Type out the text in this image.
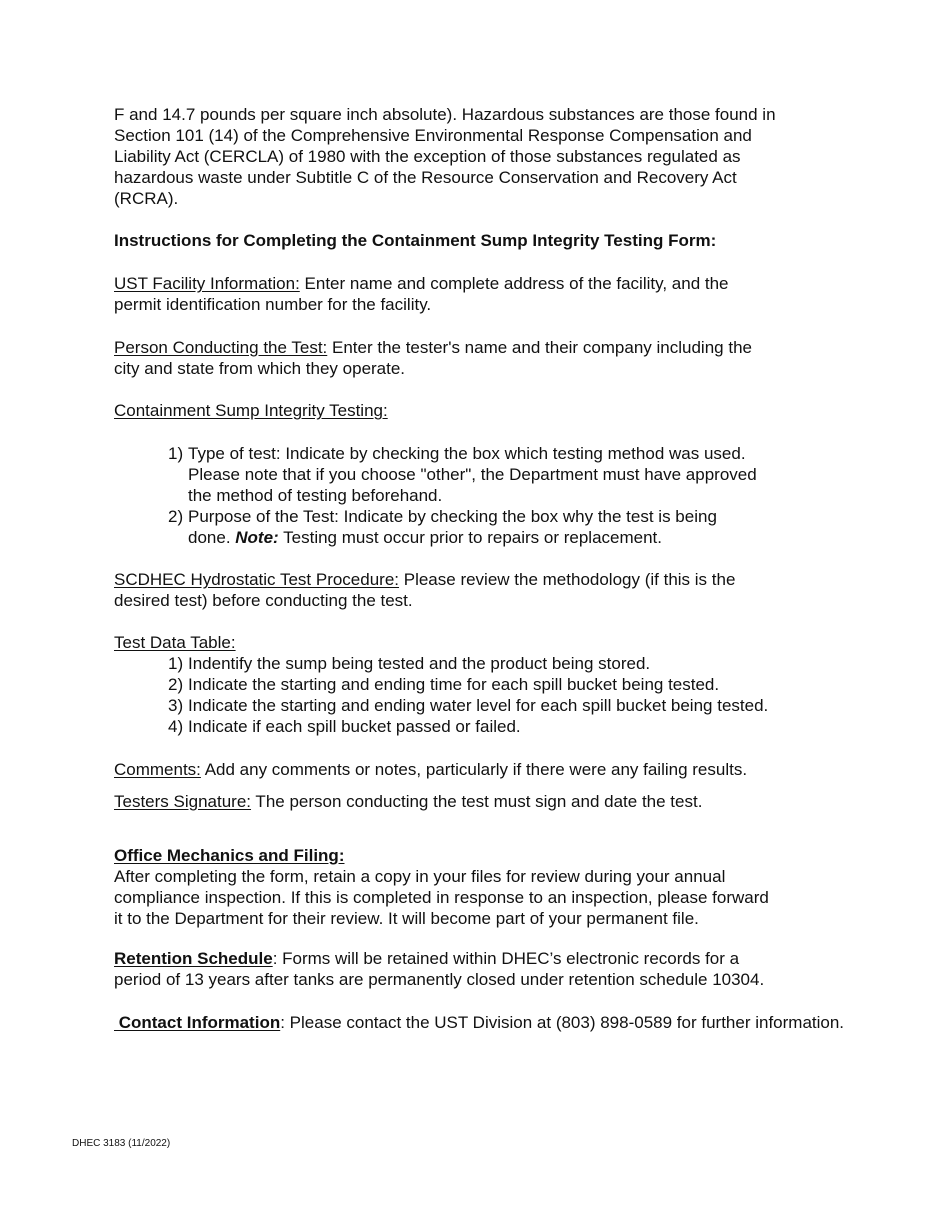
F and 14.7 pounds per square inch absolute). Hazardous substances are those found in

Section 101 (14) of the Comprehensive Environmental Response Compensation and

Liability Act (CERCLA) of 1980 with the exception of those substances regulated as

hazardous waste under Subtitle C of the Resource Conservation and Recovery Act

(RCRA).

Instructions for Completing the Containment Sump Integrity Testing Form:

UST Facility Information: Enter name and complete address of the facility, and the

permit identification number for the facility.

Person Conducting the Test: Enter the tester's name and their company including the

city and state from which they operate.

Containment Sump Integrity Testing:

1) Type of test: Indicate by checking the box which testing method was used.

Please note that if you choose "other", the Department must have approved

the method of testing beforehand.

2) Purpose of the Test: Indicate by checking the box why the test is being

done. Note: Testing must occur prior to repairs or replacement.

SCDHEC Hydrostatic Test Procedure: Please review the methodology (if this is the

desired test) before conducting the test.

Test Data Table:

1) Indentify the sump being tested and the product being stored.
2) Indicate the starting and ending time for each spill bucket being tested.
3) Indicate the starting and ending water level for each spill bucket being tested.
4) Indicate if each spill bucket passed or failed.

Comments: Add any comments or notes, particularly if there were any failing results.

Testers Signature: The person conducting the test must sign and date the test.

Office Mechanics and Filing:

After completing the form, retain a copy in your files for review during your annual

compliance inspection. If this is completed in response to an inspection, please forward

it to the Department for their review. It will become part of your permanent file.

Retention Schedule: Forms will be retained within DHEC’s electronic records for a

period of 13 years after tanks are permanently closed under retention schedule 10304.

Contact Information: Please contact the UST Division at (803) 898-0589 for further information.

DHEC 3183 (11/2022)
